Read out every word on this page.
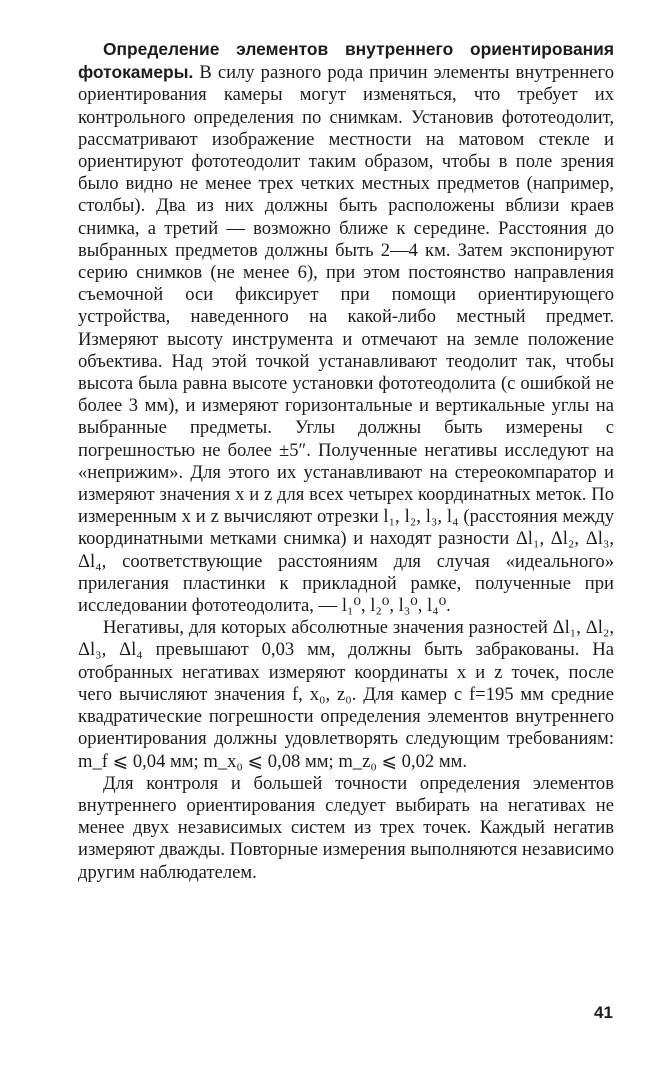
Определение элементов внутреннего ориентирования фотокамеры. В силу разного рода причин элементы внутреннего ориентирования камеры могут изменяться, что требует их контрольного определения по снимкам. Установив фототеодолит, рассматривают изображение местности на матовом стекле и ориентируют фототеодолит таким образом, чтобы в поле зрения было видно не менее трех четких местных предметов (например, столбы). Два из них должны быть расположены вблизи краев снимка, а третий — возможно ближе к середине. Расстояния до выбранных предметов должны быть 2—4 км. Затем экспонируют серию снимков (не менее 6), при этом постоянство направления съемочной оси фиксирует при помощи ориентирующего устройства, наведенного на какой-либо местный предмет. Измеряют высоту инструмента и отмечают на земле положение объектива. Над этой точкой устанавливают теодолит так, чтобы высота была равна высоте установки фототеодолита (с ошибкой не более 3 мм), и измеряют горизонтальные и вертикальные углы на выбранные предметы. Углы должны быть измерены с погрешностью не более ±5″. Полученные негативы исследуют на «неприжим». Для этого их устанавливают на стереокомпаратор и измеряют значения x и z для всех четырех координатных меток. По измеренным x и z вычисляют отрезки l₁, l₂, l₃, l₄ (расстояния между координатными метками снимка) и находят разности Δl₁, Δl₂, Δl₃, Δl₄, соответствующие расстояниям для случая «идеального» прилегания пластинки к прикладной рамке, полученные при исследовании фототеодолита, — l₁⁰, l₂⁰, l₃⁰, l₄⁰.

Негативы, для которых абсолютные значения разностей Δl₁, Δl₂, Δl₃, Δl₄ превышают 0,03 мм, должны быть забракованы. На отобранных негативах измеряют координаты x и z точек, после чего вычисляют значения f, x₀, z₀. Для камер с f=195 мм средние квадратические погрешности определения элементов внутреннего ориентирования должны удовлетворять следующим требованиям: m_f ⩽ 0,04 мм; m_x₀ ⩽ 0,08 мм; m_z₀ ⩽ 0,02 мм.

Для контроля и большей точности определения элементов внутреннего ориентирования следует выбирать на негативах не менее двух независимых систем из трех точек. Каждый негатив измеряют дважды. Повторные измерения выполняются независимо другим наблюдателем.

41
